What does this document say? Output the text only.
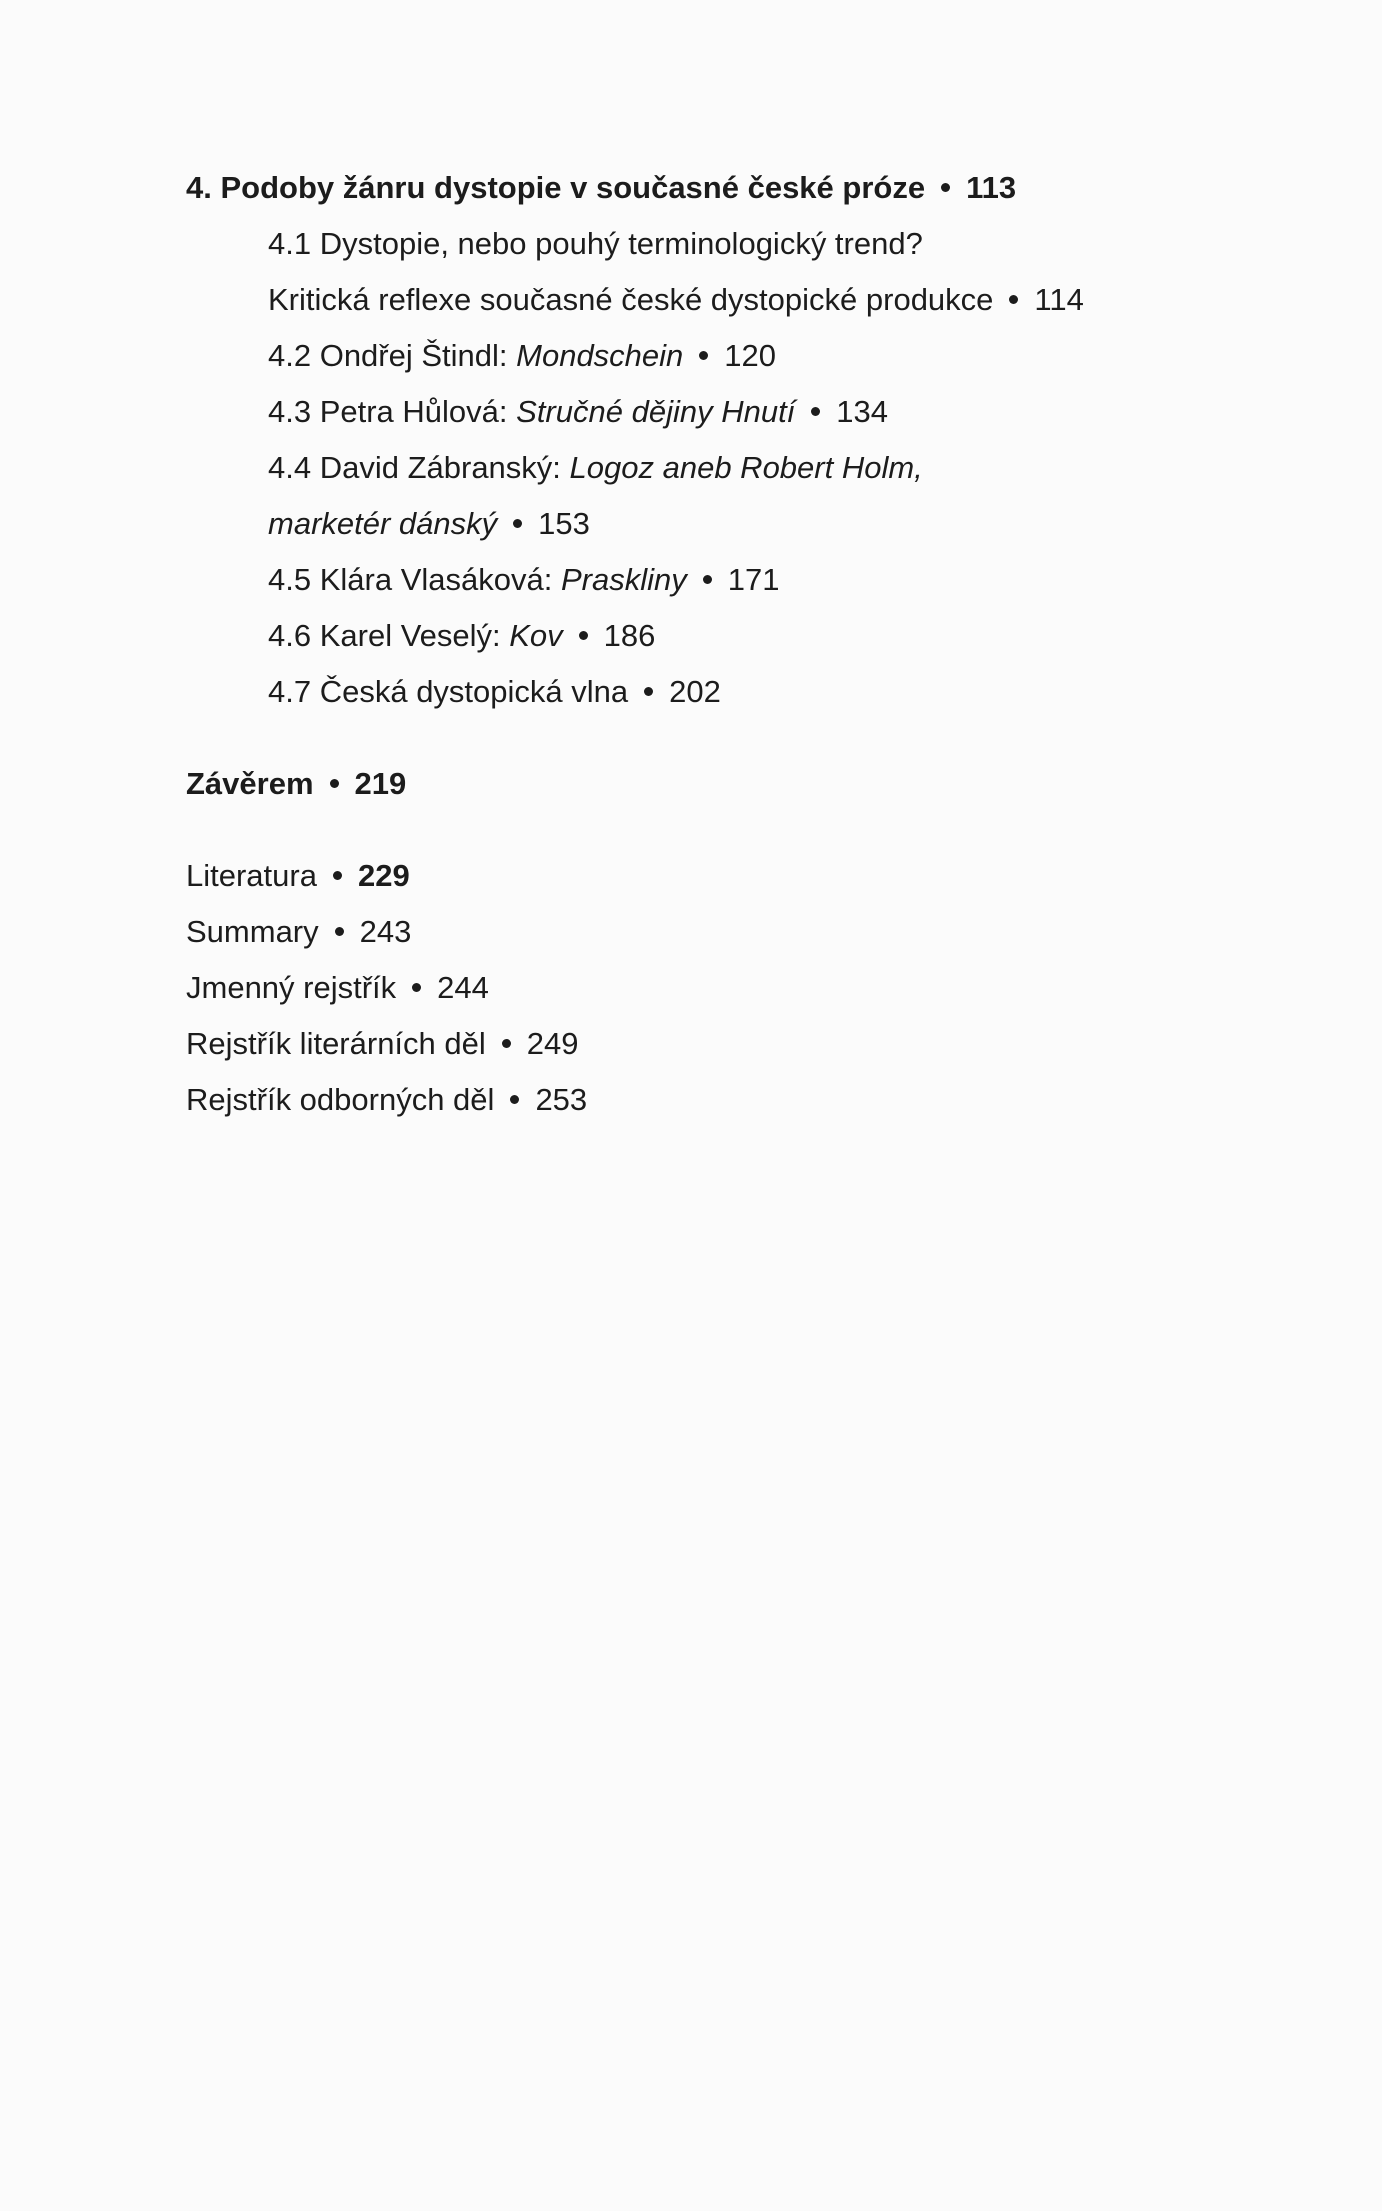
4. Podoby žánru dystopie v současné české próze 113
4.1 Dystopie, nebo pouhý terminologický trend?
Kritická reflexe současné české dystopické produkce 114
4.2 Ondřej Štindl: Mondschein 120
4.3 Petra Hůlová: Stručné dějiny Hnutí 134
4.4 David Zábranský: Logoz aneb Robert Holm,
marketér dánský 153
4.5 Klára Vlasáková: Praskliny 171
4.6 Karel Veselý: Kov 186
4.7 Česká dystopická vlna 202
Závěrem 219
Literatura 229
Summary 243
Jmenný rejstřík 244
Rejstřík literárních děl 249
Rejstřík odborných děl 253
